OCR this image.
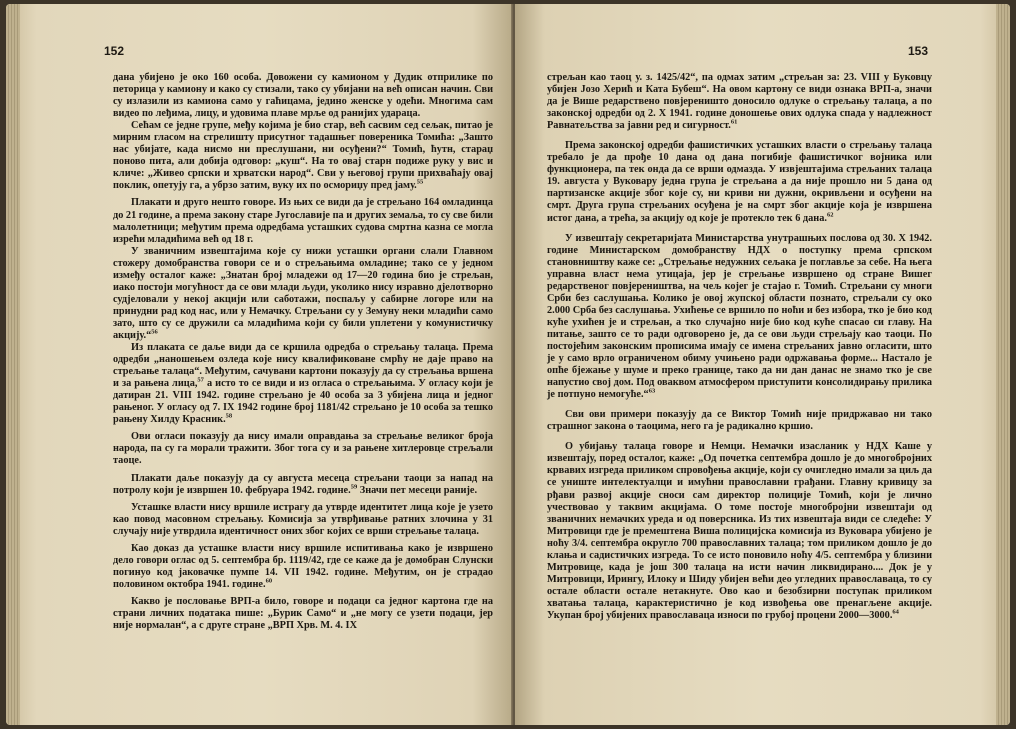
152

дана убијено је око 160 особа. Довожени су камионом у Дудик отприлике по петорица у камиону и како су стизали, тако су убијани на већ описан начин. Сви су излазили из камиона само у гаћицама, једино женске у одећи. Многима сам видео по леђима, лицу, и удовима плаве мрље од ранијих удараца.

Сећам се једне групе, међу којима је био стар, већ сасвим сед сељак, питао је мирним гласом на стрелишту присутног тадашњег повереника Томића: „Зашто нас убијате, када нисмо ни преслушани, ни осуђени?“ Томић, ћутн, стараџ поново пита, али добија одговор: „куш“. На то овај старн подиже руку у вис и кличе: „Живео српски и хрватски народ“. Сви у његовој групи прихваћају овај поклик, опетују га, а убрзо затим, вуку их по осмориџу пред јаму.$^{55}$

Плакати и друго нешто говоре. Из њих се види да је стрељано 164 омладинца до 21 године, а према закону старе Југославије па и других земаља, то су све били малолетници; међутим према одредбама усташких судова смртна казна се могла изрећи младићима већ од 18 г.

У званичним извештајима које су нижи усташки органи слали Главном стожеру домобранства говори се и о стрељањима омладине; тако се у једном између осталог каже: „Знатан број младежи од 17—20 година био је стрељан, иако постоји могућност да се ови млади људи, уколико нису изравно дјелотворно судјеловали у некој акцији или саботажи, поспаљу у сабирне логоре или на принудни рад код нас, или у Немачку. Стрељани су у Земуну неки младићи само зато, што су се дружили са младићима који су били уплетени у комунистичку акцију.“$^{56}$

Из плаката се даље види да се кршила одредба о стрељању талаца. Према одредби „наношењем озледа које нису квалификоване смрћу не даје право на стрељање талаца“. Међутим, сачувани картони показују да су стрељања вршена и за рањена лица,$^{57}$ а исто то се види и из огласа о стрељањима. У огласу који је датиран 21. VIII 1942. године стрељано је 40 особа за 3 убијена лица и једног рањеног. У огласу од 7. IX 1942 године број 1181/42 стрељано је 10 особа за тешко рањену Хилду Красник.$^{58}$

Ови огласи показују да нису имали оправдања за стрељање великог броја народа, па су га морали тражити. Због тога су и за рањене хитлеровце стрељали таоце.

Плакати даље показују да су августа месеца стрељани таоци за напад на потролу који је извршен 10. фебруара 1942. године.$^{59}$ Значи пет месеци раније.

Усташке власти нису вршиле истрагу да утврде идентитет лица које је узето као повод масовном стрељању. Комисија за утврђивање ратних злочина у 31 случају није утврдила идентичност оних због којих се врши стрељање талаца.

Као доказ да усташке власти нису вршиле испитивања како је извршено дело говори оглас од 5. септембра бр. 1119/42, где се каже да је домобран Слунски погинуо код јаковачке пумпе 14. VII 1942. године. Међутим, он је страдао половином октобра 1941. године.$^{60}$

Какво је пословање ВРП-а било, говоре и подаци са једног картона где на страни личних података пише: „Бурик Само“ и „не могу се узети подаци, јер није нормалан“, а с друге стране „ВРП Хрв. М. 4. IX

153

стрељан као таоц у. з. 1425/42“, па одмах затим „стрељан за: 23. VIII у Буковцу убијен Јозо Херић и Ката Бубеш“. На овом картону се види ознака ВРП-а, значи да је Више редарствено повјереништо доносило одлуке о стрељању талаца, а по законској одредби од 2. X 1941. године доношење ових одлука спада у надлежност Равнатељства за јавни ред и сигурност.$^{61}$

Према законској одредби фашистичких усташких власти о стрељању талаца требало је да прође 10 дана од дана погибије фашистичког војника или функционера, па тек онда да се врши одмазда. У извјештајима стрељаних талаца 19. августа у Вуковару једна група је стрељана а да није прошло ни 5 дана од партизанске акције због које су, ни криви ни дужни, окривљени и осуђени на смрт. Друга група стрељаних осуђена је на смрт због акције која је извршена истог дана, а трећа, за акцију од које је протекло тек 6 дана.$^{62}$

У извештају секретаријата Министарства унутрашњих послова од 30. X 1942. године Министарском домобранству НДХ о поступку према српском становништву каже се: „Стрељање недужних сељака је поглавље за себе. На њега управна власт нема утицаја, јер је стрељање извршено од стране Вишег редарственог повјереништва, на чељ којег је стајао г. Томић. Стрељани су многи Срби без саслушања. Колико је овој жупској области познато, стрељали су око 2.000 Срба без саслушања. Ухићење се вршило по ноћи и без избора, тко је био код куће ухићен је и стрељан, а тко случајно није био код куће спасао си главу. На питање, зашто се то ради одговорено је, да се ови људи стрељају као таоци. По постојећим законским прописима имају се имена стрељаних јавно огласити, што је у само врло ограниченом обиму учињено ради одржавања форме... Настало је опће бјежање у шуме и преко границе, тако да ни дан данас не знамо тко је све напустио свој дом. Под оваквом атмосфером приступити консолидирању прилика је потпуно немогуће.“$^{63}$

Сви ови примери показују да се Виктор Томић није придржавао ни тако страшног закона о таоцима, него га је радикално кршио.

О убијању талаца говоре и Немци. Немачки изасланик у НДХ Каше у извештају, поред осталог, каже: „Од почетка септембра дошло је до многобројних крвавих изгреда приликом спровођења акције, који су очигледно имали за циљ да се униште интелектуалци и имућни православни грађани. Главну кривицу за рђави развој акције сноси сам директор полиције Томић, који је лично учествовао у таквим акцијама. О томе постоје многобројни извештаји од званичних немачких уреда и од поверсника. Из тих извештаја види се следеће: У Митровици где је премештена Виша полицијска комисија из Вуковара убијено је ноћу 3/4. септембра округло 700 православних талаца; том приликом дошло је до клања и садистичких изгреда. То се исто поновило ноћу 4/5. септембра у близини Митровице, када је још 300 талаца на исти начин ликвидирано.... Док је у Митровици, Ирингу, Илоку и Шиду убијен већи део угледних православаца, то су остале области остале нетакнуте. Ово као и безобзирни поступак приликом хватања талаца, карактеристично је код извођења ове пренагљене акције. Укупан број убијених православаца износи по грубој процени 2000—3000.64
